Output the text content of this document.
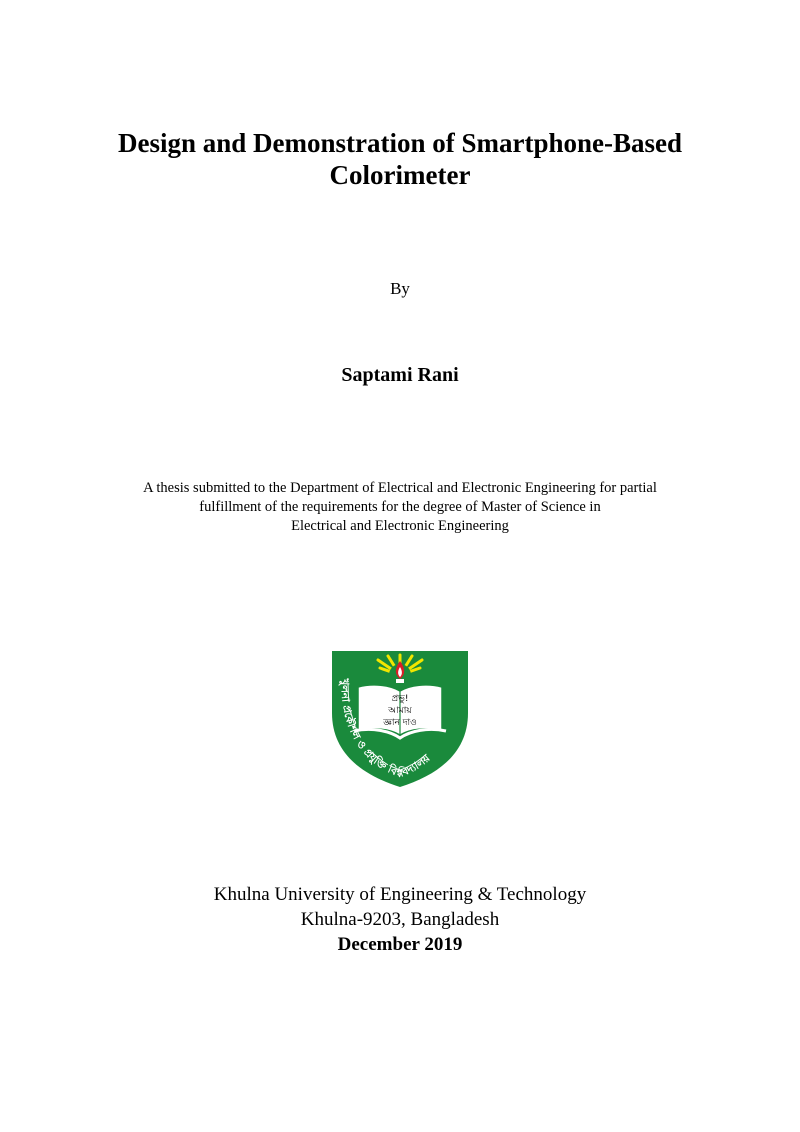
Design and Demonstration of Smartphone-Based
Colorimeter
By
Saptami Rani
A thesis submitted to the Department of Electrical and Electronic Engineering for partial
fulfillment of the requirements for the degree of Master of Science in
Electrical and Electronic Engineering
প্রভু!
আমায়
জ্ঞান দাও
খুলনা প্রকৌশল ও প্রযুক্তি বিশ্ববিদ্যালয়
Khulna University of Engineering & Technology
Khulna-9203, Bangladesh
December 2019
